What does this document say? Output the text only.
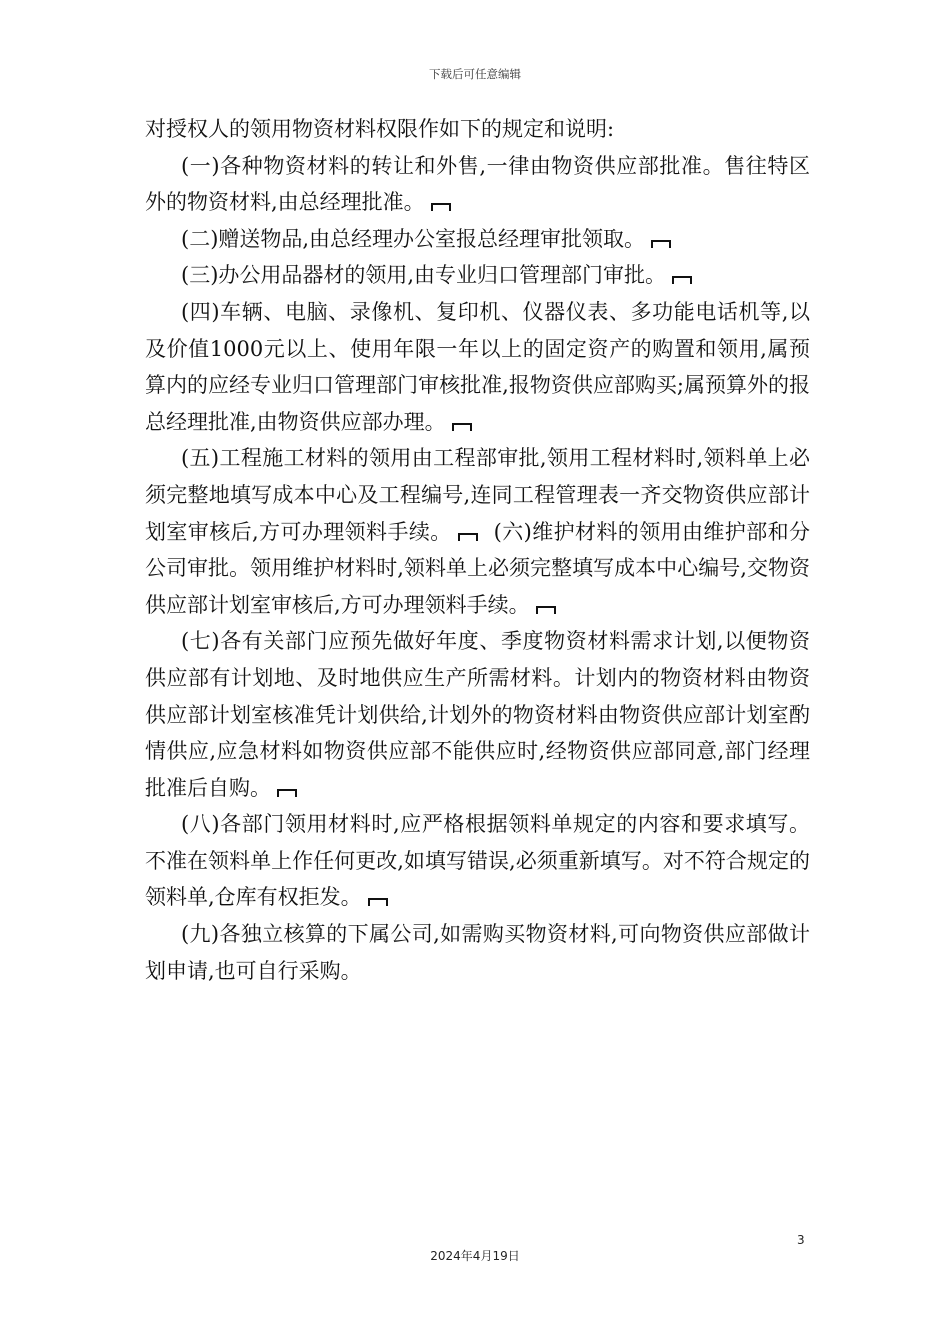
下载后可任意编辑

对授权人的领用物资材料权限作如下的规定和说明:

(一)各种物资材料的转让和外售,一律由物资供应部批准。售往特区外的物资材料,由总经理批准。

(二)赠送物品,由总经理办公室报总经理审批领取。

(三)办公用品器材的领用,由专业归口管理部门审批。

(四)车辆、电脑、录像机、复印机、仪器仪表、多功能电话机等,以及价值1000元以上、使用年限一年以上的固定资产的购置和领用,属预算内的应经专业归口管理部门审核批准,报物资供应部购买;属预算外的报总经理批准,由物资供应部办理。

(五)工程施工材料的领用由工程部审批,领用工程材料时,领料单上必须完整地填写成本中心及工程编号,连同工程管理表一齐交物资供应部计划室审核后,方可办理领料手续。 (六)维护材料的领用由维护部和分公司审批。领用维护材料时,领料单上必须完整填写成本中心编号,交物资供应部计划室审核后,方可办理领料手续。

(七)各有关部门应预先做好年度、季度物资材料需求计划,以便物资供应部有计划地、及时地供应生产所需材料。计划内的物资材料由物资供应部计划室核准凭计划供给,计划外的物资材料由物资供应部计划室酌情供应,应急材料如物资供应部不能供应时,经物资供应部同意,部门经理批准后自购。

(八)各部门领用材料时,应严格根据领料单规定的内容和要求填写。不准在领料单上作任何更改,如填写错误,必须重新填写。对不符合规定的领料单,仓库有权拒发。

(九)各独立核算的下属公司,如需购买物资材料,可向物资供应部做计划申请,也可自行采购。

3
2024年4月19日
